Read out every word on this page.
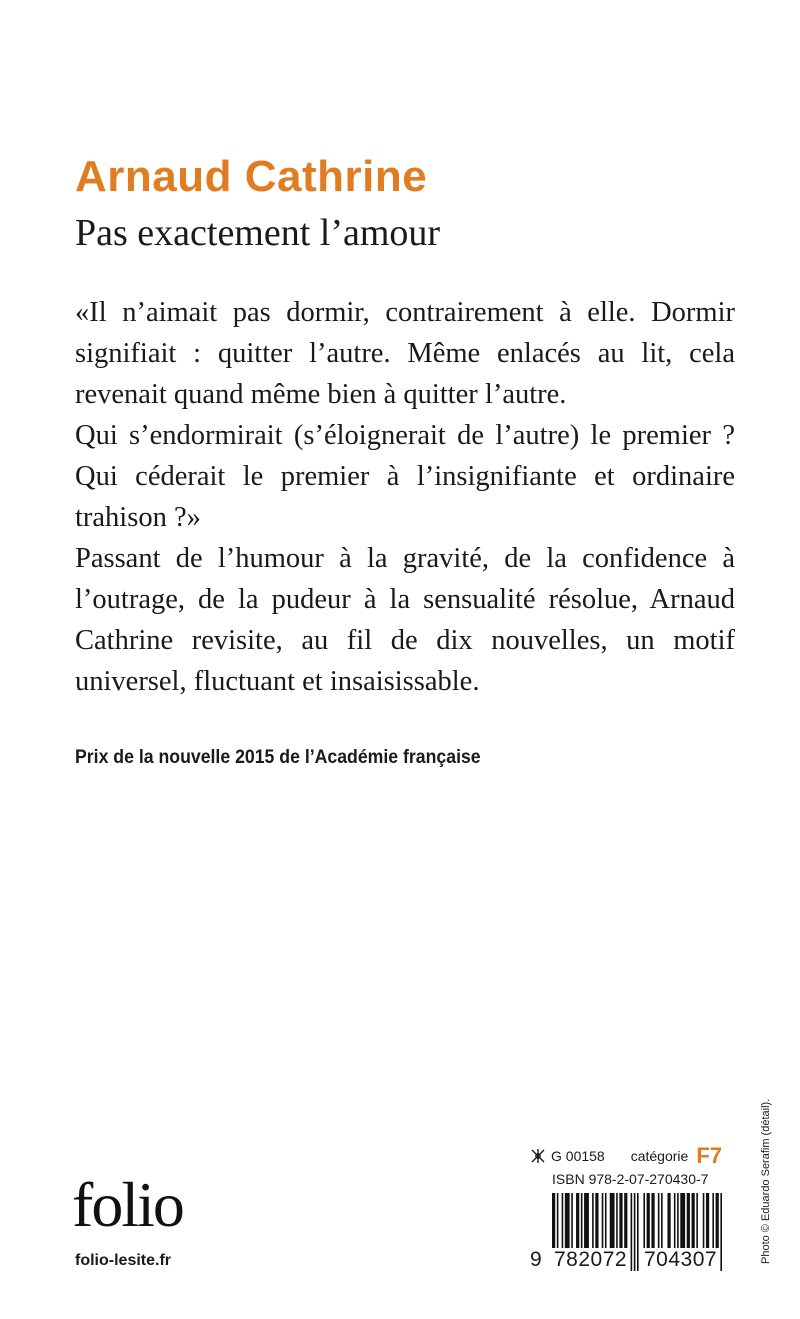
Arnaud Cathrine
Pas exactement l’amour
«Il n’aimait pas dormir, contrairement à elle. Dormir
signifiait : quitter l’autre. Même enlacés au lit, cela
revenait quand même bien à quitter l’autre.
Qui s’endormirait (s’éloignerait de l’autre) le premier ?
Qui céderait le premier à l’insignifiante et ordinaire
trahison ?»
Passant de l’humour à la gravité, de la confidence à
l’outrage, de la pudeur à la sensualité résolue, Arnaud
Cathrine revisite, au fil de dix nouvelles, un motif
universel, fluctuant et insaisissable.
Prix de la nouvelle 2015 de l’Académie française
G 00158 catégorie F7
ISBN 978-2-07-270430-7
9 782072 704307
folio
folio-lesite.fr	Photo © Eduardo Serafim (détail).
